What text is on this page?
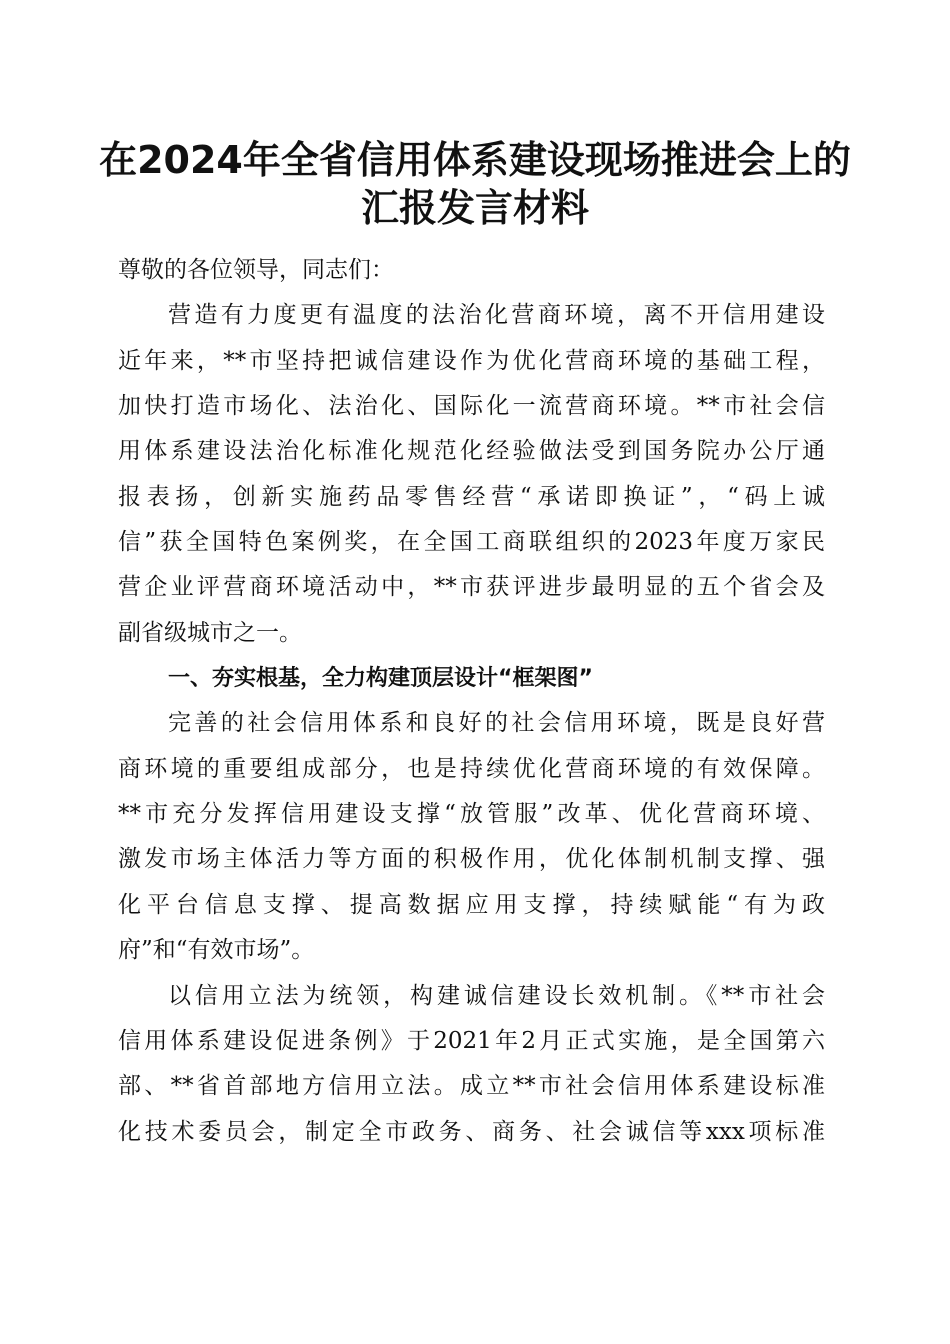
在2024年全省信用体系建设现场推进会上的
汇报发言材料
尊敬的各位领导，同志们：
营造有力度更有温度的法治化营商环境，离不开信用建设
近年来，**市坚持把诚信建设作为优化营商环境的基础工程，
加快打造市场化、法治化、国际化一流营商环境。**市社会信
用体系建设法治化标准化规范化经验做法受到国务院办公厅通
报表扬，创新实施药品零售经营“承诺即换证”，“码上诚
信”获全国特色案例奖，在全国工商联组织的2023年度万家民
营企业评营商环境活动中，**市获评进步最明显的五个省会及
副省级城市之一。
一、夯实根基，全力构建顶层设计“框架图”
完善的社会信用体系和良好的社会信用环境，既是良好营
商环境的重要组成部分，也是持续优化营商环境的有效保障。
**市充分发挥信用建设支撑“放管服”改革、优化营商环境、
激发市场主体活力等方面的积极作用，优化体制机制支撑、强
化平台信息支撑、提高数据应用支撑，持续赋能“有为政
府”和“有效市场”。
以信用立法为统领，构建诚信建设长效机制。《**市社会
信用体系建设促进条例》于2021年2月正式实施，是全国第六
部、**省首部地方信用立法。成立**市社会信用体系建设标准
化技术委员会，制定全市政务、商务、社会诚信等xxx项标准
